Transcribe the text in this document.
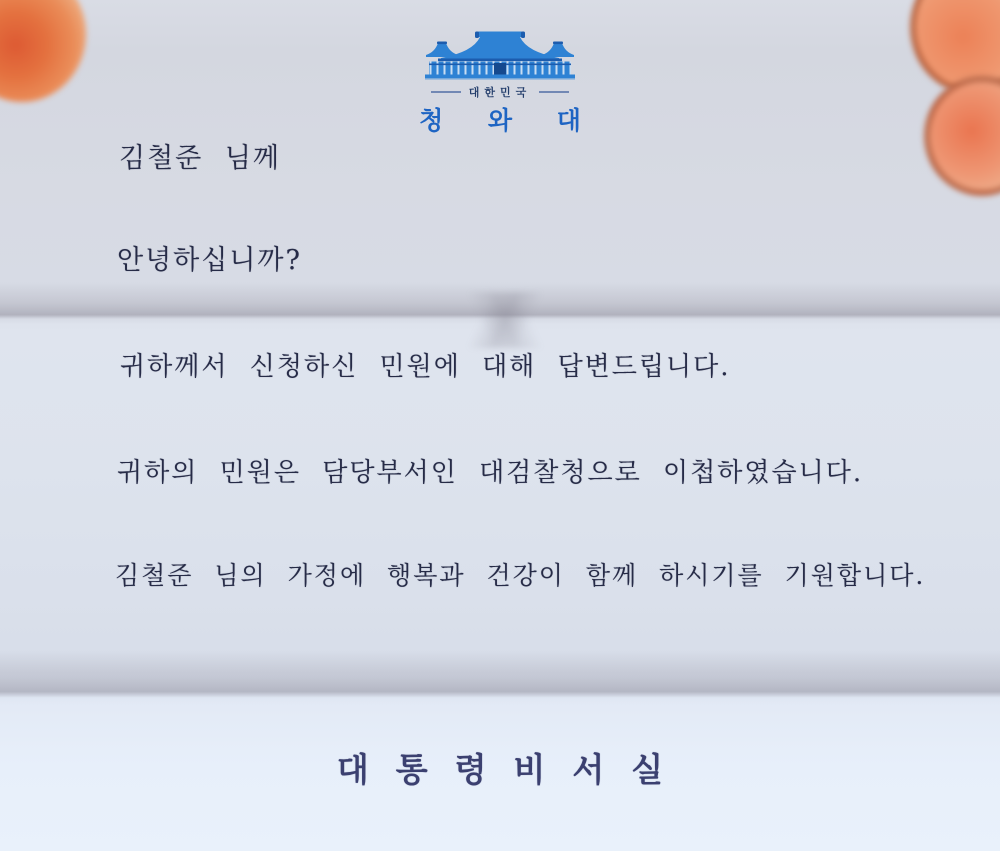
대한민국
청 와 대
김철준 님께
안녕하십니까?
귀하께서 신청하신 민원에 대해 답변드립니다.
귀하의 민원은 담당부서인 대검찰청으로 이첩하였습니다.
김철준 님의 가정에 행복과 건강이 함께 하시기를 기원합니다.
대통령비서실
